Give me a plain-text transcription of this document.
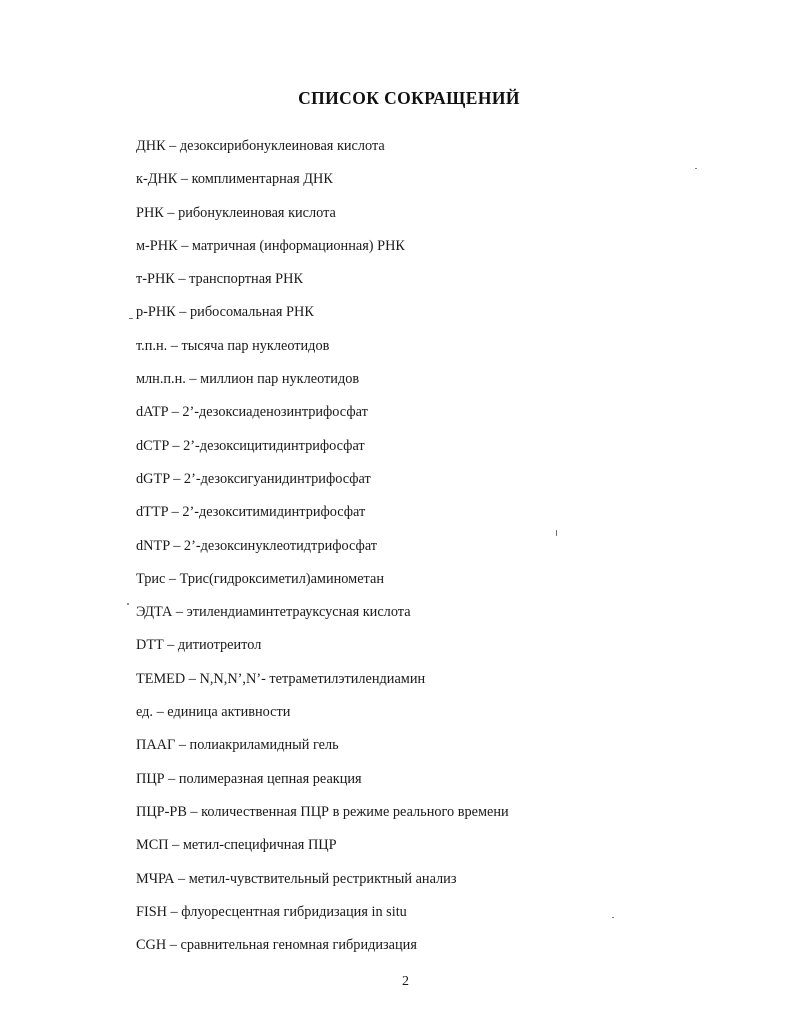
СПИСОК СОКРАЩЕНИЙ
ДНК – дезоксирибонуклеиновая кислота
к-ДНК – комплиментарная ДНК
РНК – рибонуклеиновая кислота
м-РНК – матричная (информационная) РНК
т-РНК – транспортная РНК
р-РНК – рибосомальная РНК
т.п.н. – тысяча пар нуклеотидов
млн.п.н. – миллион пар нуклеотидов
dATP – 2’-дезоксиаденозинтрифосфат
dCTP – 2’-дезоксицитидинтрифосфат
dGTP – 2’-дезоксигуанидинтрифосфат
dTTP – 2’-дезокситимидинтрифосфат
dNTP – 2’-дезоксинуклеотидтрифосфат
Трис – Трис(гидроксиметил)аминометан
ЭДТА – этилендиаминтетрауксусная кислота
DTT – дитиотреитол
TEMED – N,N,N’,N’- тетраметилэтилендиамин
ед. – единица активности
ПААГ – полиакриламидный гель
ПЦР – полимеразная цепная реакция
ПЦР-РВ – количественная ПЦР в режиме реального времени
МСП – метил-специфичная ПЦР
МЧРА – метил-чувствительный рестриктный анализ
FISH – флуоресцентная гибридизация in situ
CGH – сравнительная геномная гибридизация
2
